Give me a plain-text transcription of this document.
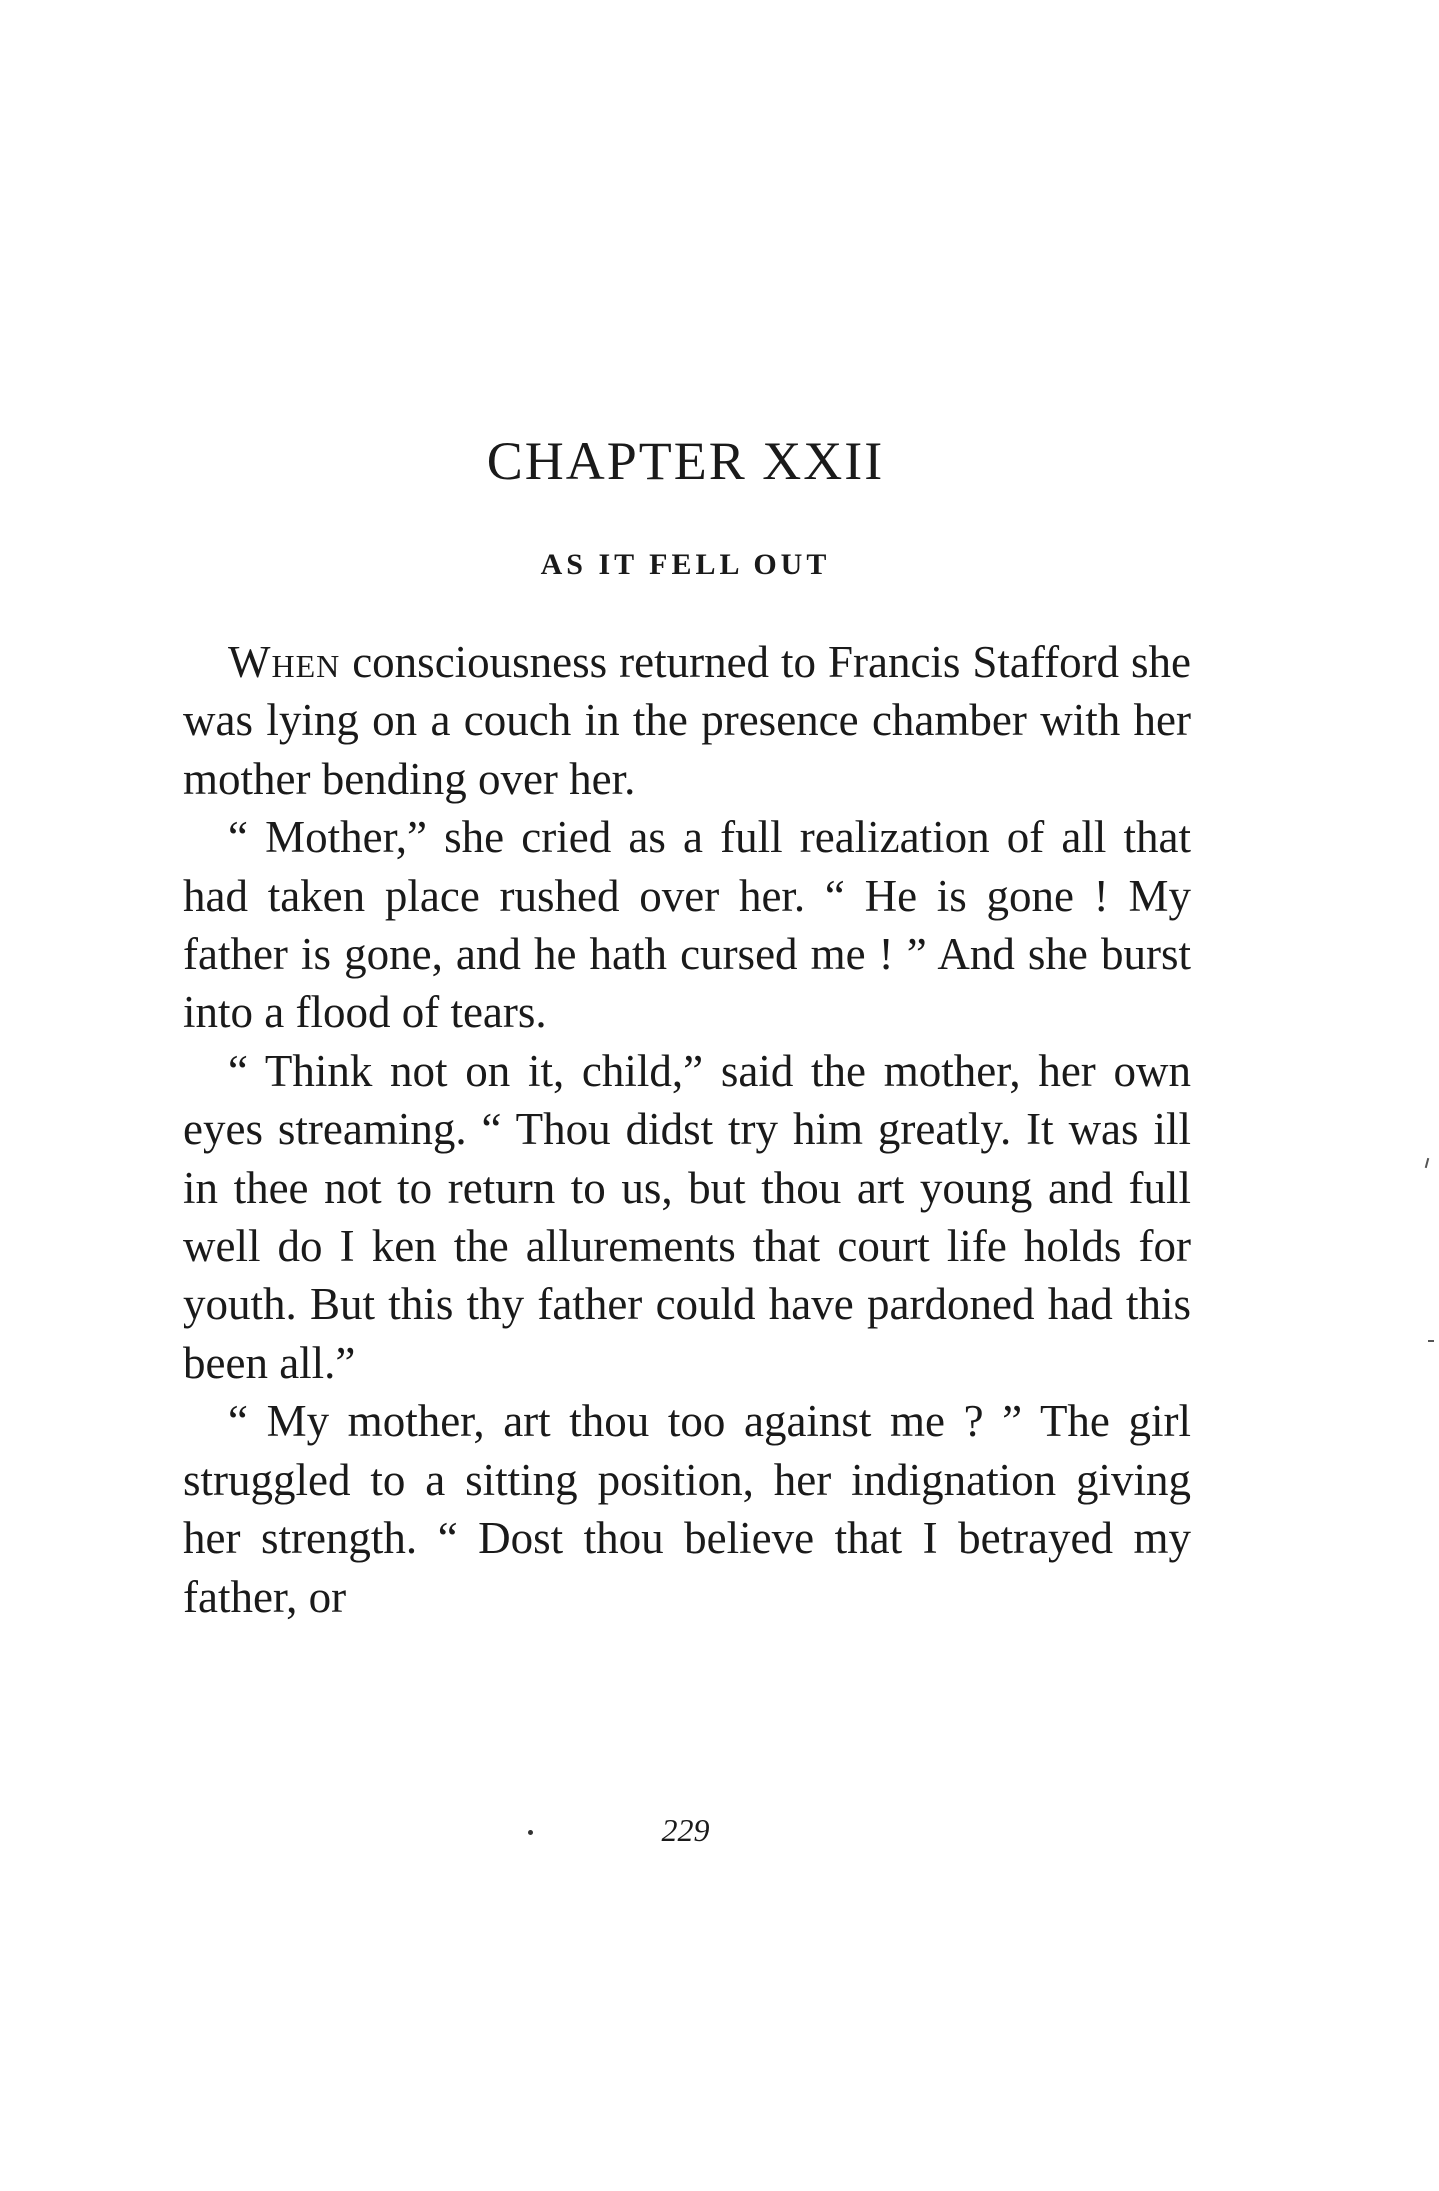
CHAPTER XXII
AS IT FELL OUT

When consciousness returned to Francis Stafford she was lying on a couch in the presence chamber with her mother bending over her.

“ Mother,” she cried as a full realization of all that had taken place rushed over her. “ He is gone ! My father is gone, and he hath cursed me ! ” And she burst into a flood of tears.

“ Think not on it, child,” said the mother, her own eyes streaming. “ Thou didst try him greatly. It was ill in thee not to return to us, but thou art young and full well do I ken the allurements that court life holds for youth. But this thy father could have pardoned had this been all.”

“ My mother, art thou too against me ? ” The girl struggled to a sitting position, her indignation giving her strength. “ Dost thou believe that I betrayed my father, or

229
